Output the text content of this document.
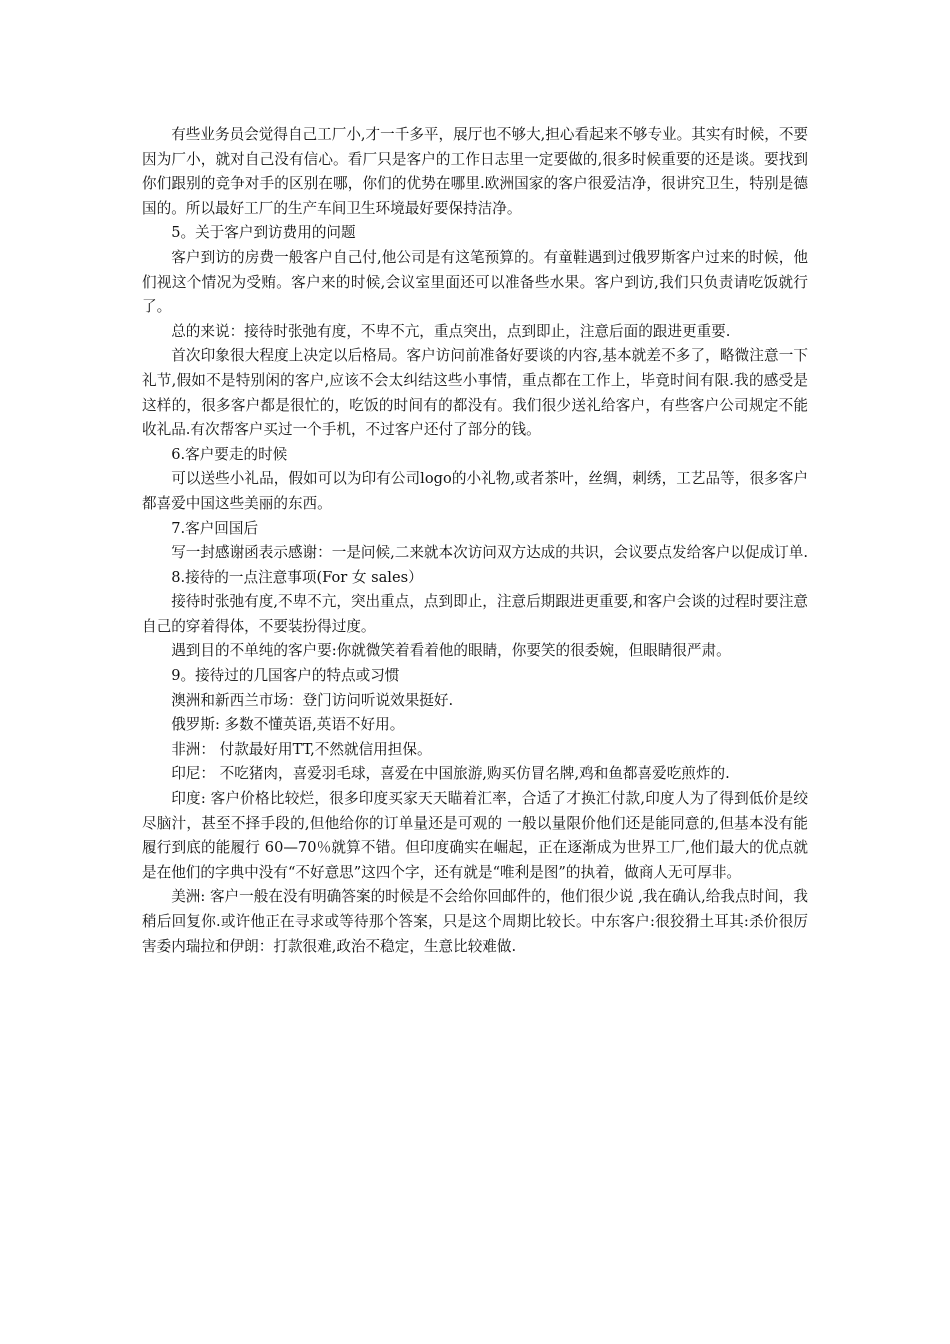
有些业务员会觉得自己工厂小,才一千多平，展厅也不够大,担心看起来不够专业。其实有时候，不要因为厂小，就对自己没有信心。看厂只是客户的工作日志里一定要做的,很多时候重要的还是谈。要找到你们跟别的竞争对手的区别在哪，你们的优势在哪里.欧洲国家的客户很爱洁净，很讲究卫生，特别是德国的。所以最好工厂的生产车间卫生环境最好要保持洁净。

5。关于客户到访费用的问题

客户到访的房费一般客户自己付,他公司是有这笔预算的。有童鞋遇到过俄罗斯客户过来的时候，他们视这个情况为受贿。客户来的时候,会议室里面还可以准备些水果。客户到访,我们只负责请吃饭就行了。

总的来说：接待时张弛有度，不卑不亢，重点突出，点到即止，注意后面的跟进更重要.

首次印象很大程度上决定以后格局。客户访问前准备好要谈的内容,基本就差不多了，略微注意一下礼节,假如不是特别闲的客户,应该不会太纠结这些小事情，重点都在工作上，毕竟时间有限.我的感受是这样的，很多客户都是很忙的，吃饭的时间有的都没有。我们很少送礼给客户，有些客户公司规定不能收礼品.有次帮客户买过一个手机，不过客户还付了部分的钱。

6.客户要走的时候

可以送些小礼品，假如可以为印有公司logo的小礼物,或者茶叶，丝绸，刺绣，工艺品等，很多客户都喜爱中国这些美丽的东西。

7.客户回国后

写一封感谢函表示感谢：一是问候,二来就本次访问双方达成的共识，会议要点发给客户以促成订单.

8.接待的一点注意事项(For 女 sales）

接待时张弛有度,不卑不亢，突出重点，点到即止，注意后期跟进更重要,和客户会谈的过程时要注意自己的穿着得体，不要装扮得过度。

遇到目的不单纯的客户要:你就微笑着看着他的眼睛，你要笑的很委婉，但眼睛很严肃。

9。接待过的几国客户的特点或习惯

澳洲和新西兰市场：登门访问听说效果挺好.

俄罗斯: 多数不懂英语,英语不好用。

非洲： 付款最好用TT,不然就信用担保。

印尼： 不吃猪肉，喜爱羽毛球，喜爱在中国旅游,购买仿冒名牌,鸡和鱼都喜爱吃煎炸的.

印度: 客户价格比较烂，很多印度买家天天瞄着汇率，合适了才换汇付款,印度人为了得到低价是绞尽脑汁，甚至不择手段的,但他给你的订单量还是可观的 一般以量限价他们还是能同意的,但基本没有能履行到底的能履行 60—70％就算不错。但印度确实在崛起，正在逐渐成为世界工厂,他们最大的优点就是在他们的字典中没有“不好意思”这四个字，还有就是“唯利是图”的执着，做商人无可厚非。

美洲: 客户一般在没有明确答案的时候是不会给你回邮件的，他们很少说 ,我在确认,给我点时间，我稍后回复你.或许他正在寻求或等待那个答案，只是这个周期比较长。中东客户:很狡猾土耳其:杀价很厉害委内瑞拉和伊朗：打款很难,政治不稳定，生意比较难做.
